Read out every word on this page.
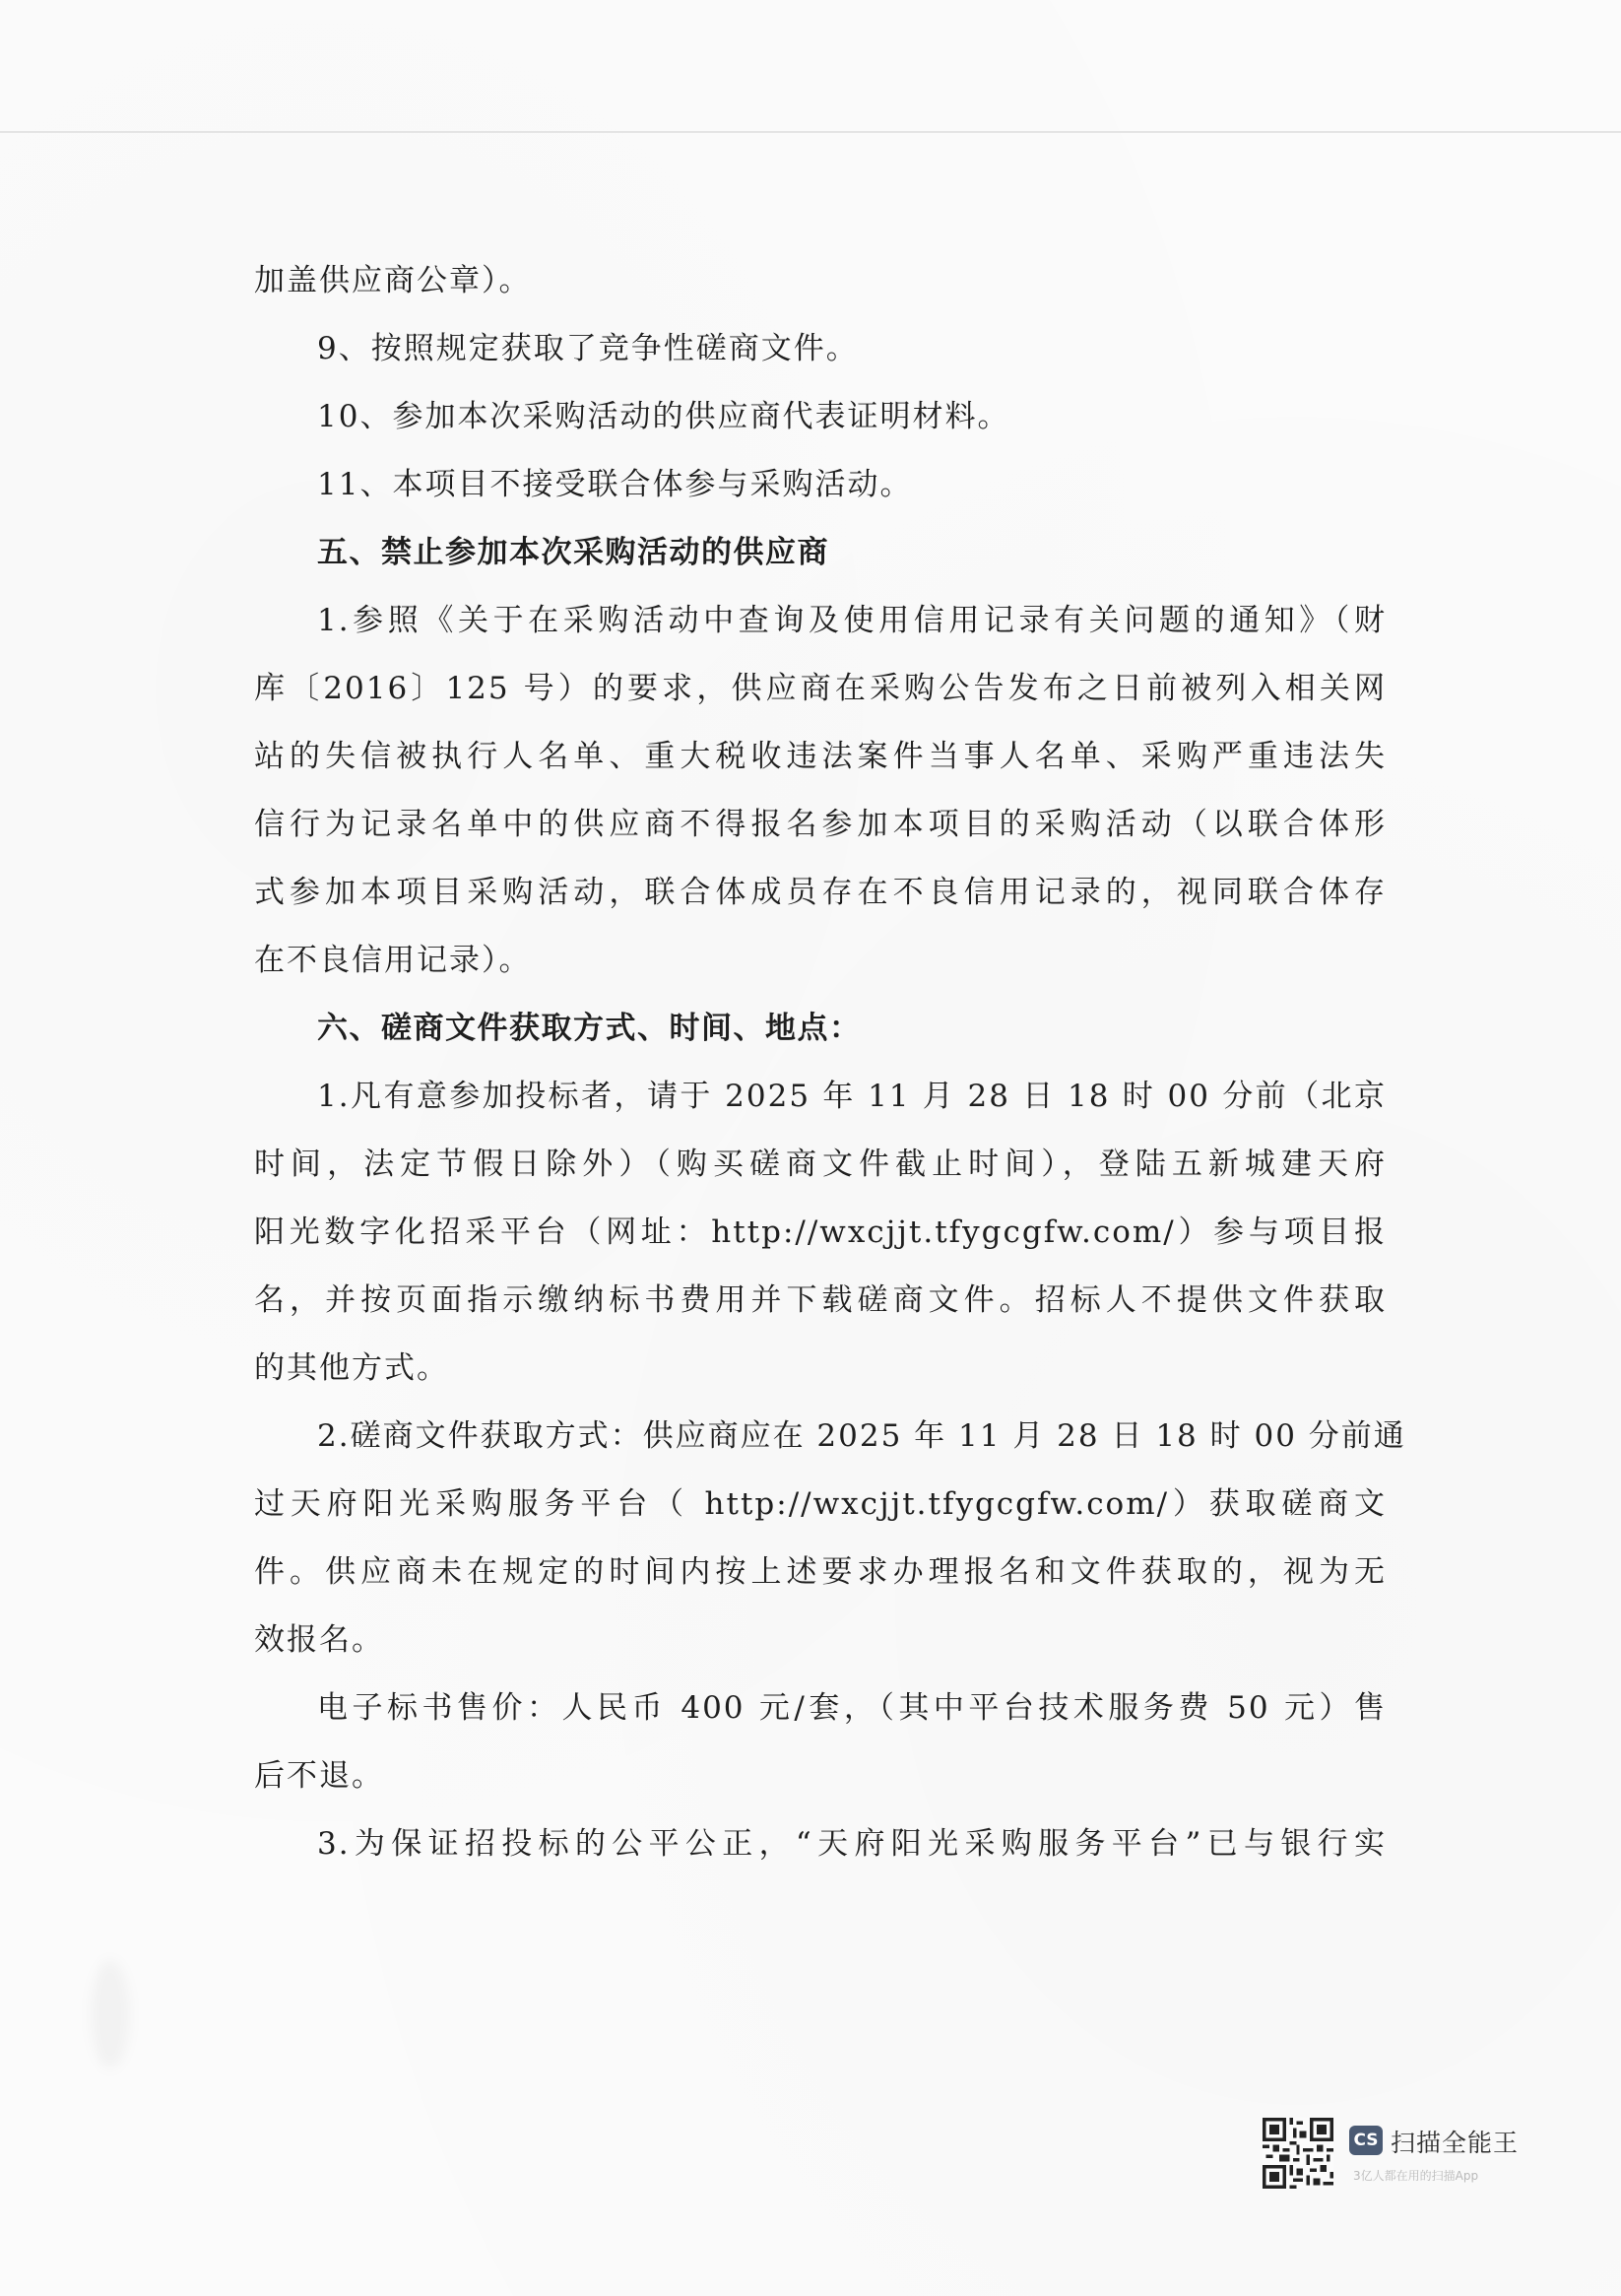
加盖供应商公章）。
9、按照规定获取了竞争性磋商文件。
10、参加本次采购活动的供应商代表证明材料。
11、本项目不接受联合体参与采购活动。
五、禁止参加本次采购活动的供应商
1.参照《关于在采购活动中查询及使用信用记录有关问题的通知》（财
库〔2016〕125 号）的要求，供应商在采购公告发布之日前被列入相关网
站的失信被执行人名单、重大税收违法案件当事人名单、采购严重违法失
信行为记录名单中的供应商不得报名参加本项目的采购活动（以联合体形
式参加本项目采购活动，联合体成员存在不良信用记录的，视同联合体存
在不良信用记录）。
六、磋商文件获取方式、时间、地点：
1.凡有意参加投标者，请于 2025 年 11 月 28 日 18 时 00 分前（北京
时间，法定节假日除外）（购买磋商文件截止时间），登陆五新城建天府
阳光数字化招采平台（网址：http://wxcjjt.tfygcgfw.com/）参与项目报
名，并按页面指示缴纳标书费用并下载磋商文件。招标人不提供文件获取
的其他方式。
2.磋商文件获取方式：供应商应在 2025 年 11 月 28 日 18 时 00 分前通
过天府阳光采购服务平台（ http://wxcjjt.tfygcgfw.com/）获取磋商文
件。供应商未在规定的时间内按上述要求办理报名和文件获取的，视为无
效报名。
电子标书售价：人民币 400 元/套，（其中平台技术服务费 50 元）售
后不退。
3.为保证招投标的公平公正，“天府阳光采购服务平台”已与银行实
CS 扫描全能王
3亿人都在用的扫描App
